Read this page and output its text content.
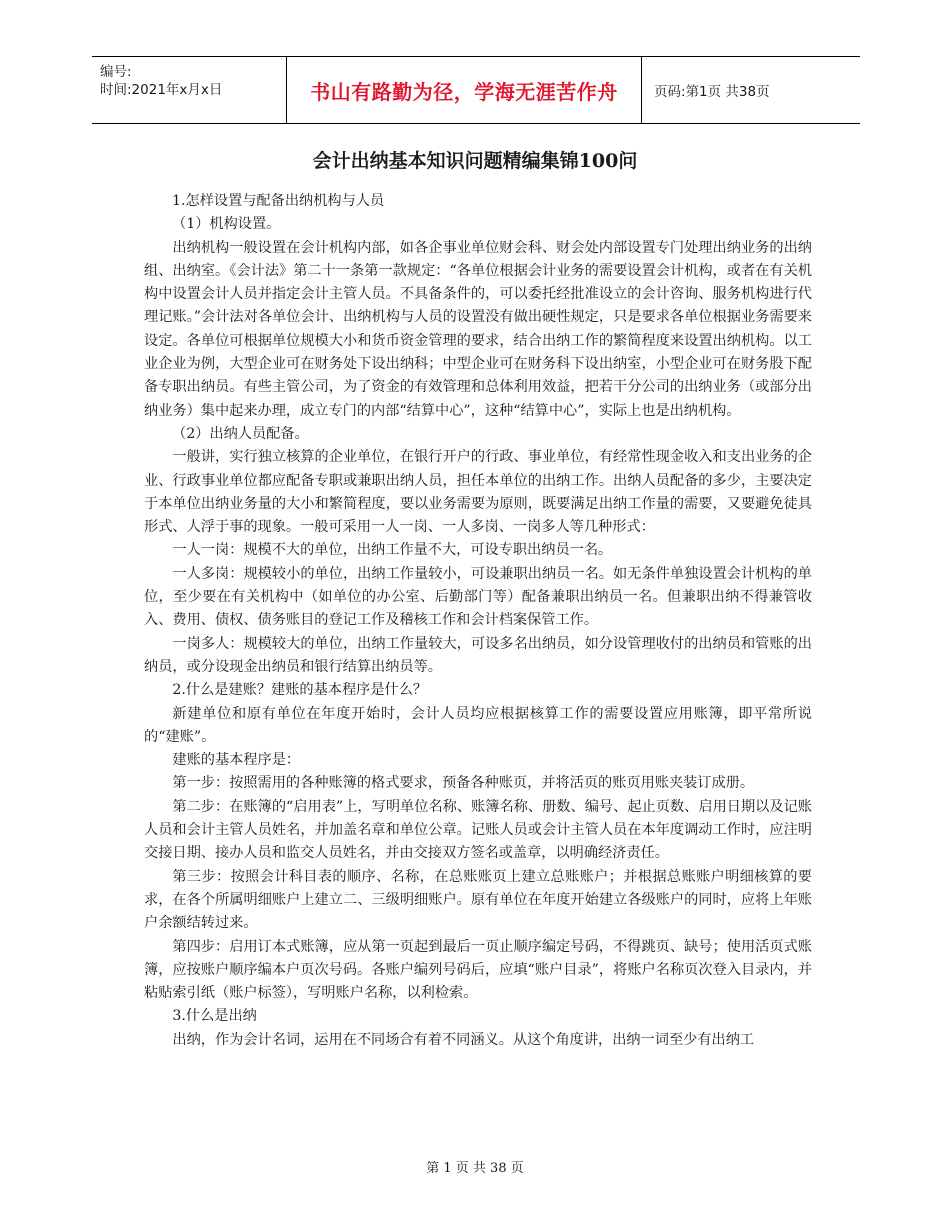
编号:
时间:2021年x月x日	书山有路勤为径，学海无涯苦作舟	页码:第1页 共38页
会计出纳基本知识问题精编集锦100问

1.怎样设置与配备出纳机构与人员

（1）机构设置。

出纳机构一般设置在会计机构内部，如各企事业单位财会科、财会处内部设置专门处理出纳业务的出纳组、出纳室。《会计法》第二十一条第一款规定：“各单位根据会计业务的需要设置会计机构，或者在有关机构中设置会计人员并指定会计主管人员。不具备条件的，可以委托经批准设立的会计咨询、服务机构进行代理记账。”会计法对各单位会计、出纳机构与人员的设置没有做出硬性规定，只是要求各单位根据业务需要来设定。各单位可根据单位规模大小和货币资金管理的要求，结合出纳工作的繁简程度来设置出纳机构。以工业企业为例，大型企业可在财务处下设出纳科；中型企业可在财务科下设出纳室，小型企业可在财务股下配备专职出纳员。有些主管公司，为了资金的有效管理和总体利用效益，把若干分公司的出纳业务（或部分出纳业务）集中起来办理，成立专门的内部“结算中心”，这种“结算中心”，实际上也是出纳机构。

（2）出纳人员配备。

一般讲，实行独立核算的企业单位，在银行开户的行政、事业单位，有经常性现金收入和支出业务的企业、行政事业单位都应配备专职或兼职出纳人员，担任本单位的出纳工作。出纳人员配备的多少，主要决定于本单位出纳业务量的大小和繁简程度，要以业务需要为原则，既要满足出纳工作量的需要，又要避免徒具形式、人浮于事的现象。一般可采用一人一岗、一人多岗、一岗多人等几种形式：

一人一岗：规模不大的单位，出纳工作量不大，可设专职出纳员一名。

一人多岗：规模较小的单位，出纳工作量较小，可设兼职出纳员一名。如无条件单独设置会计机构的单位，至少要在有关机构中（如单位的办公室、后勤部门等）配备兼职出纳员一名。但兼职出纳不得兼管收入、费用、债权、债务账目的登记工作及稽核工作和会计档案保管工作。

一岗多人：规模较大的单位，出纳工作量较大，可设多名出纳员，如分设管理收付的出纳员和管账的出纳员，或分设现金出纳员和银行结算出纳员等。

2.什么是建账？建账的基本程序是什么？

新建单位和原有单位在年度开始时，会计人员均应根据核算工作的需要设置应用账簿，即平常所说的“建账”。

建账的基本程序是：

第一步：按照需用的各种账簿的格式要求，预备各种账页，并将活页的账页用账夹装订成册。

第二步：在账簿的“启用表”上，写明单位名称、账簿名称、册数、编号、起止页数、启用日期以及记账人员和会计主管人员姓名，并加盖名章和单位公章。记账人员或会计主管人员在本年度调动工作时，应注明交接日期、接办人员和监交人员姓名，并由交接双方签名或盖章，以明确经济责任。

第三步：按照会计科目表的顺序、名称，在总账账页上建立总账账户；并根据总账账户明细核算的要求，在各个所属明细账户上建立二、三级明细账户。原有单位在年度开始建立各级账户的同时，应将上年账户余额结转过来。

第四步：启用订本式账簿，应从第一页起到最后一页止顺序编定号码，不得跳页、缺号；使用活页式账簿，应按账户顺序编本户页次号码。各账户编列号码后，应填“账户目录”，将账户名称页次登入目录内，并粘贴索引纸（账户标签），写明账户名称，以利检索。

3.什么是出纳

出纳，作为会计名词，运用在不同场合有着不同涵义。从这个角度讲，出纳一词至少有出纳工

第 1 页 共 38 页
